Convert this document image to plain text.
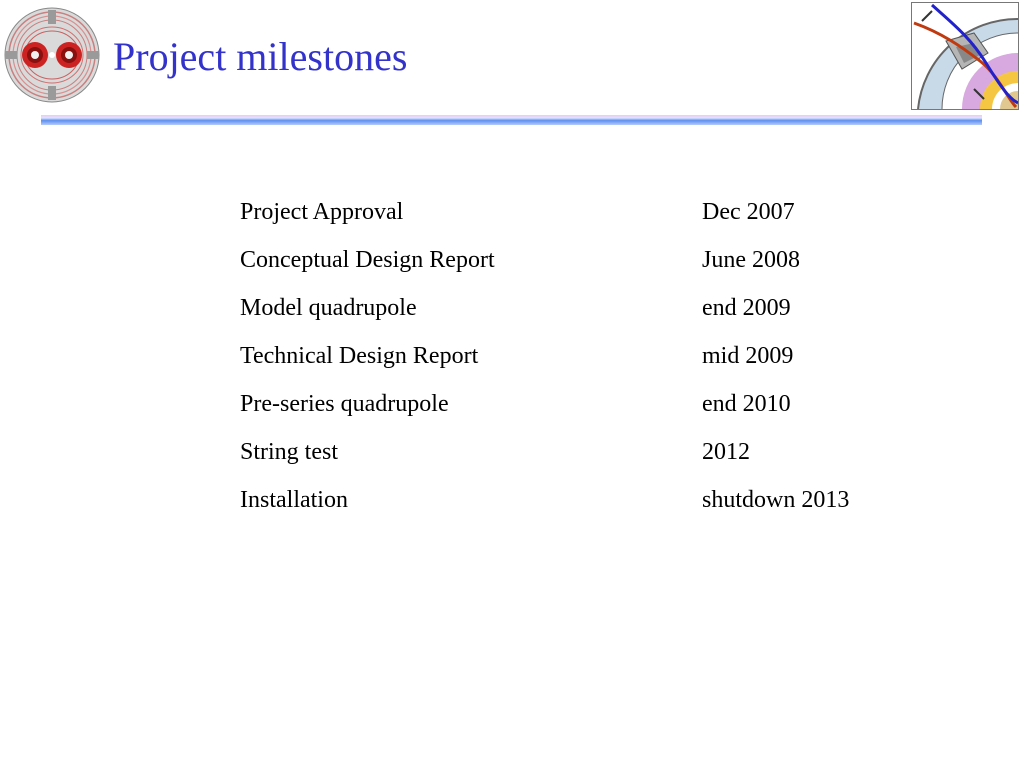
Project milestones
Project Approval	Dec 2007
Conceptual Design Report	June 2008
Model quadrupole	end 2009
Technical Design Report	mid 2009
Pre-series quadrupole	end 2010
String test	2012
Installation	shutdown 2013
